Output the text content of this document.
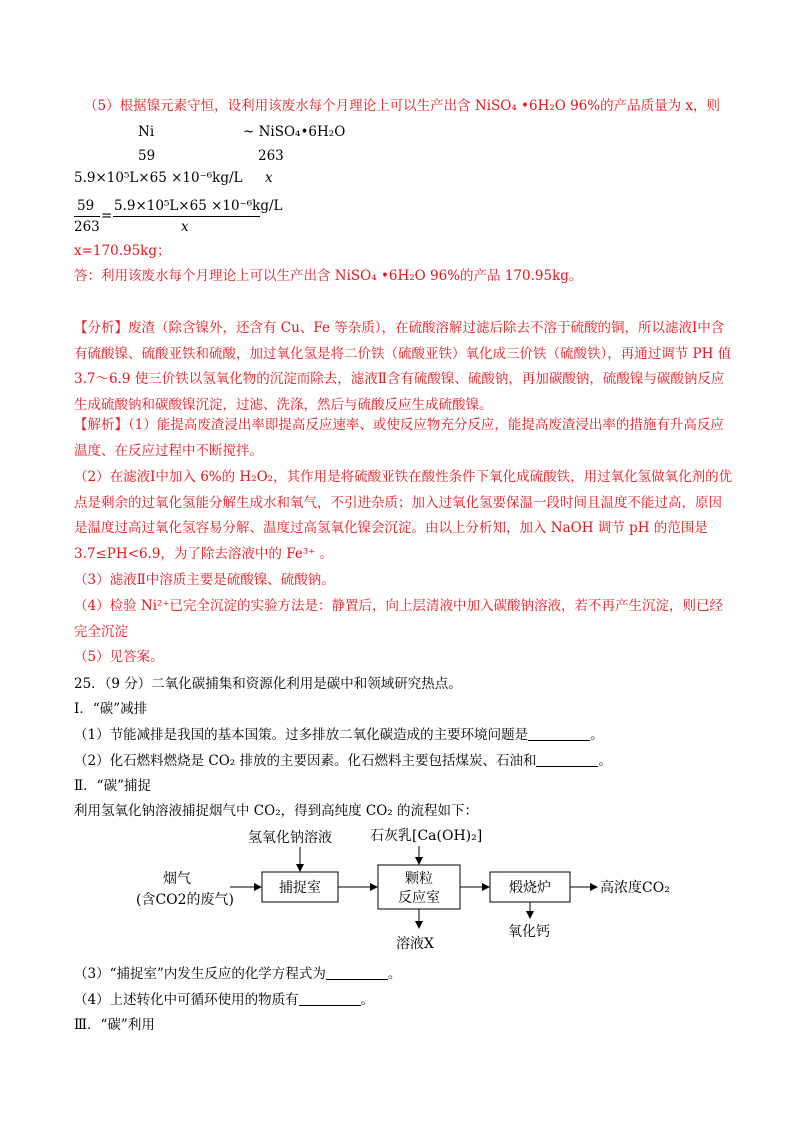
（5）根据镍元素守恒，设利用该废水每个月理论上可以生产出含 NiSO₄ •6H₂O 96%的产品质量为 x，则
Ni	~ NiSO₄•6H₂O
59	263
5.9×10⁵L×65 ×10⁻⁶kg/L x
59
263
=
5.9×10⁵L×65 ×10⁻⁶kg/L
x
x=170.95kg；
答：利用该废水每个月理论上可以生产出含 NiSO₄ •6H₂O 96%的产品 170.95kg。
【分析】废渣（除含镍外，还含有 Cu、Fe 等杂质），在硫酸溶解过滤后除去不溶于硫酸的铜，所以滤液Ⅰ中含有硫酸镍、硫酸亚铁和硫酸，加过氧化氢是将二价铁（硫酸亚铁）氧化成三价铁（硫酸铁），再通过调节 PH 值 3.7～6.9 使三价铁以氢氧化物的沉淀而除去，滤液Ⅱ含有硫酸镍、硫酸钠，再加碳酸钠，硫酸镍与碳酸钠反应生成硫酸钠和碳酸镍沉淀，过滤、洗涤，然后与硫酸反应生成硫酸镍。
【解析】（1）能提高废渣浸出率即提高反应速率、或使反应物充分反应，能提高废渣浸出率的措施有升高反应温度、在反应过程中不断搅拌。
（2）在滤液Ⅰ中加入 6%的 H₂O₂，其作用是将硫酸亚铁在酸性条件下氧化成硫酸铁，用过氧化氢做氧化剂的优点是剩余的过氧化氢能分解生成水和氧气，不引进杂质；加入过氧化氢要保温一段时间且温度不能过高，原因是温度过高过氧化氢容易分解、温度过高氢氧化镍会沉淀。由以上分析知，加入 NaOH 调节 pH 的范围是 3.7≤PH<6.9，为了除去溶液中的 Fe³⁺ 。
（3）滤液Ⅱ中溶质主要是硫酸镍、硫酸钠。
（4）检验 Ni²⁺已完全沉淀的实验方法是：静置后，向上层清液中加入碳酸钠溶液，若不再产生沉淀，则已经完全沉淀
（5）见答案。
25．（9 分）二氧化碳捕集和资源化利用是碳中和领域研究热点。
Ⅰ．“碳”减排
（1）节能减排是我国的基本国策。过多排放二氧化碳造成的主要环境问题是	。
（2）化石燃料燃烧是 CO₂ 排放的主要因素。化石燃料主要包括煤炭、石油和	。
Ⅱ．“碳”捕捉
利用氢氧化钠溶液捕捉烟气中 CO₂，得到高纯度 CO₂ 的流程如下：
氢氧化钠溶液	石灰乳[Ca(OH)₂]
烟气
(含CO2的废气)
捕捉室
颗粒
反应室
煅烧炉	高浓度CO₂
溶液X
氧化钙
（3）“捕捉室”内发生反应的化学方程式为	。
（4）上述转化中可循环使用的物质有	。
Ⅲ．“碳”利用
